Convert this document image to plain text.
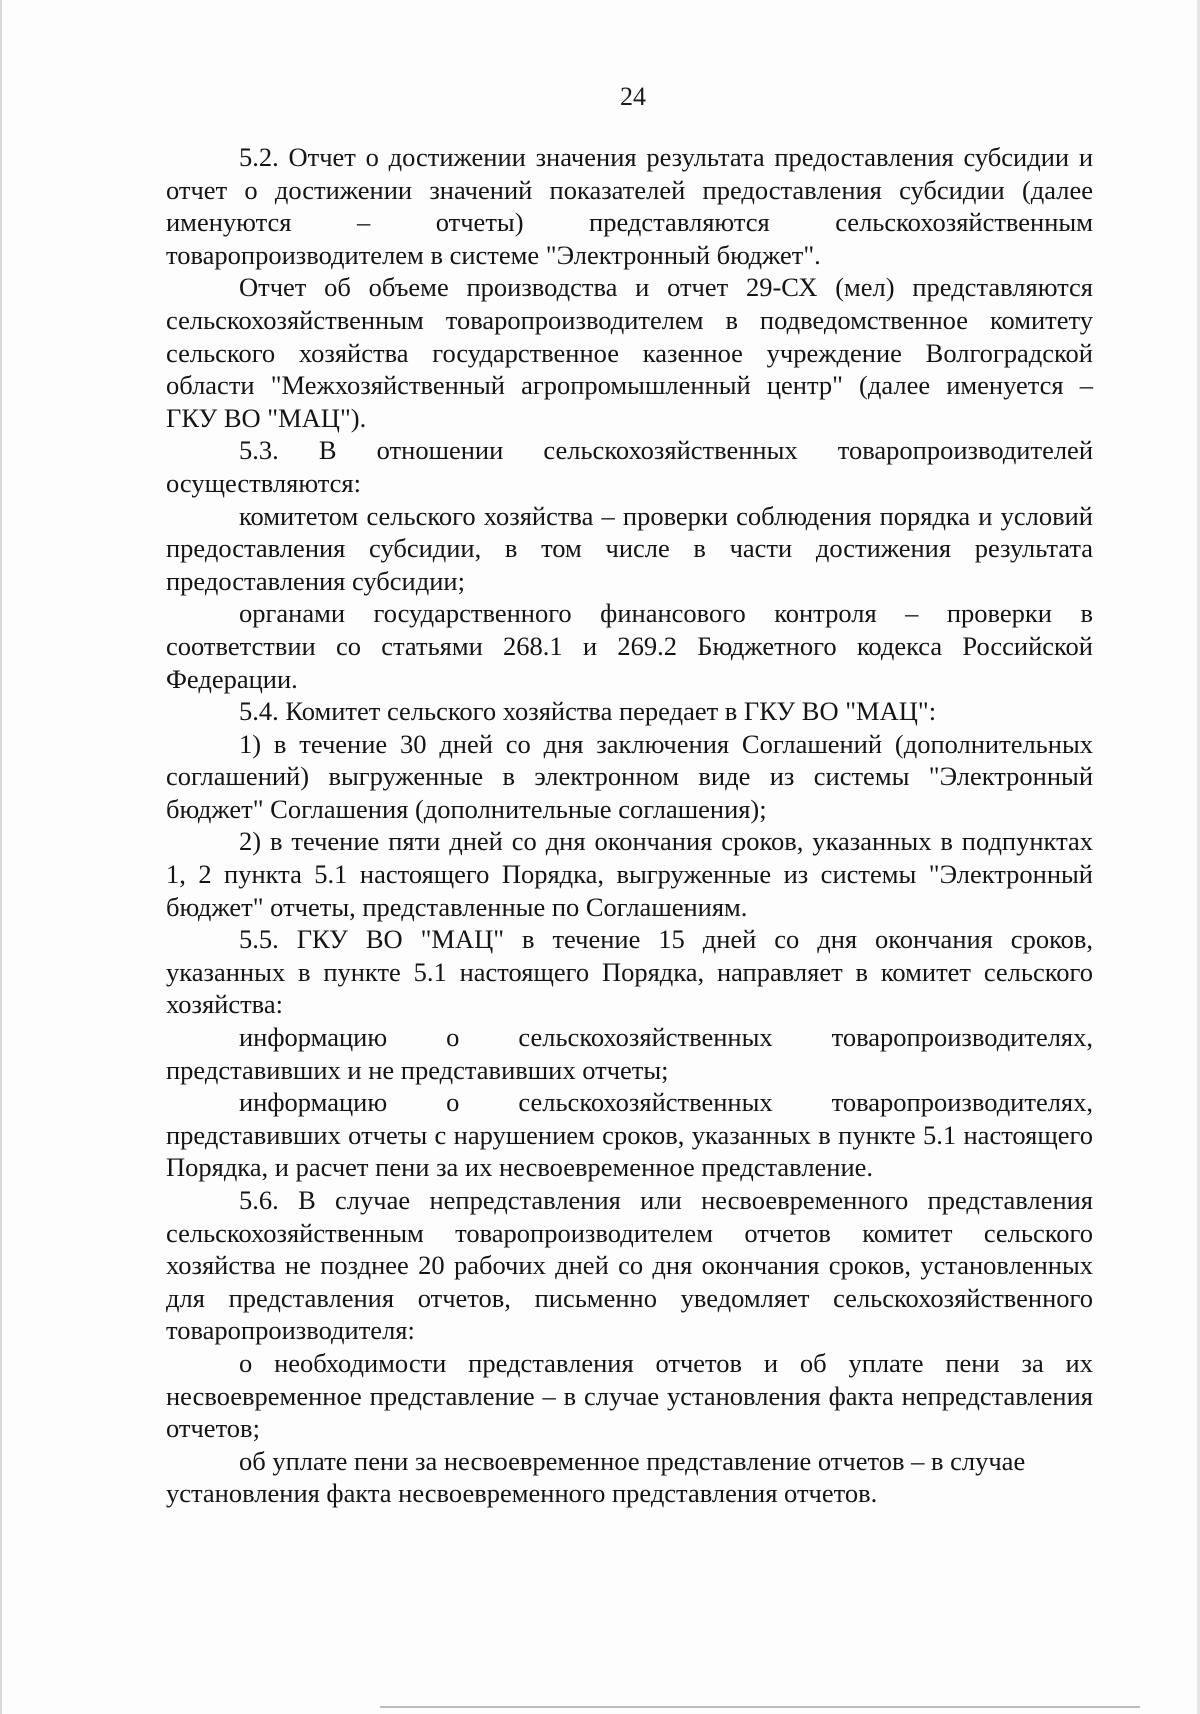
24

5.2. Отчет о достижении значения результата предоставления субсидии и отчет о достижении значений показателей предоставления субсидии (далее именуются – отчеты) представляются сельскохозяйственным товаропроизводителем в системе "Электронный бюджет".

Отчет об объеме производства и отчет 29-СХ (мел) представляются сельскохозяйственным товаропроизводителем в подведомственное комитету сельского хозяйства государственное казенное учреждение Волгоградской области "Межхозяйственный агропромышленный центр" (далее именуется – ГКУ ВО "МАЦ").

5.3. В отношении сельскохозяйственных товаропроизводителей осуществляются:

комитетом сельского хозяйства – проверки соблюдения порядка и условий предоставления субсидии, в том числе в части достижения результата предоставления субсидии;

органами государственного финансового контроля – проверки в соответствии со статьями 268.1 и 269.2 Бюджетного кодекса Российской Федерации.

5.4. Комитет сельского хозяйства передает в ГКУ ВО "МАЦ":

1) в течение 30 дней со дня заключения Соглашений (дополнительных соглашений) выгруженные в электронном виде из системы "Электронный бюджет" Соглашения (дополнительные соглашения);

2) в течение пяти дней со дня окончания сроков, указанных в подпунктах 1, 2 пункта 5.1 настоящего Порядка, выгруженные из системы "Электронный бюджет" отчеты, представленные по Соглашениям.

5.5. ГКУ ВО "МАЦ" в течение 15 дней со дня окончания сроков, указанных в пункте 5.1 настоящего Порядка, направляет в комитет сельского хозяйства:

информацию о сельскохозяйственных товаропроизводителях, представивших и не представивших отчеты;

информацию о сельскохозяйственных товаропроизводителях, представивших отчеты с нарушением сроков, указанных в пункте 5.1 настоящего Порядка, и расчет пени за их несвоевременное представление.

5.6. В случае непредставления или несвоевременного представления сельскохозяйственным товаропроизводителем отчетов комитет сельского хозяйства не позднее 20 рабочих дней со дня окончания сроков, установленных для представления отчетов, письменно уведомляет сельскохозяйственного товаропроизводителя:

о необходимости представления отчетов и об уплате пени за их несвоевременное представление – в случае установления факта непредставления отчетов;

об уплате пени за несвоевременное представление отчетов – в случае установления факта несвоевременного представления отчетов.
